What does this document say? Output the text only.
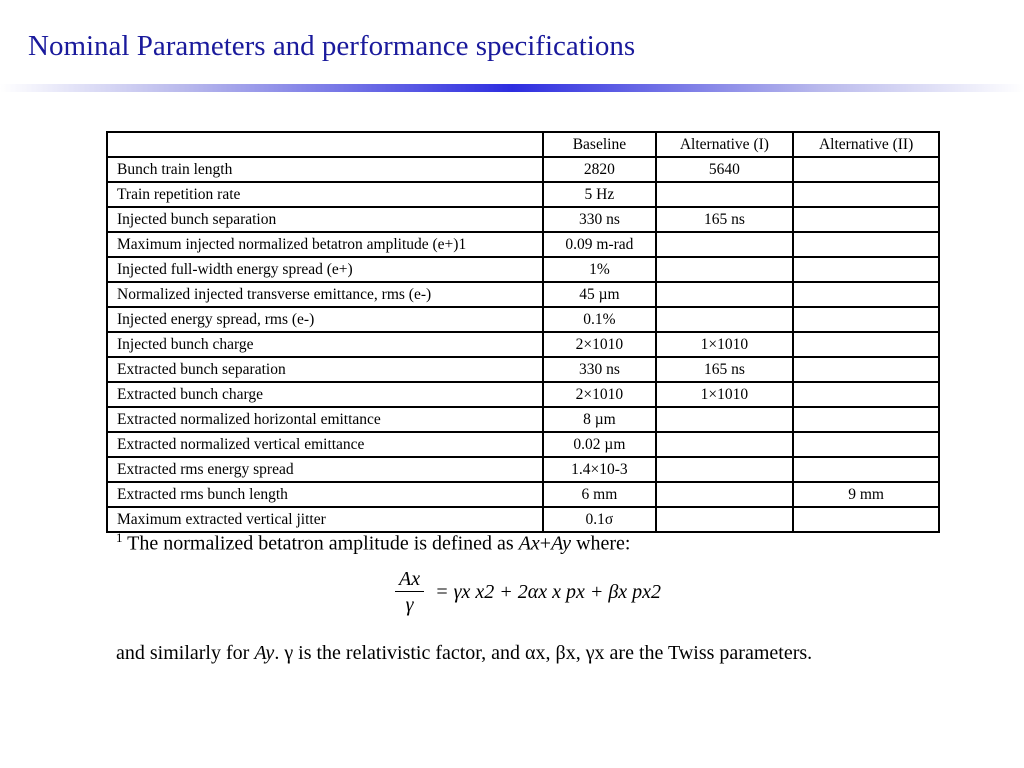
Nominal Parameters and performance specifications
	Baseline	Alternative (I)	Alternative (II)
Bunch train length	2820	5640	
Train repetition rate	5 Hz		
Injected bunch separation	330 ns	165 ns	
Maximum injected normalized betatron amplitude (e+)1	0.09 m-rad		
Injected full-width energy spread (e+)	1%		
Normalized injected transverse emittance, rms (e-)	45 µm		
Injected energy spread, rms (e-)	0.1%		
Injected bunch charge	2×1010	1×1010	
Extracted bunch separation	330 ns	165 ns	
Extracted bunch charge	2×1010	1×1010	
Extracted normalized horizontal emittance	8 µm		
Extracted normalized vertical emittance	0.02 µm		
Extracted rms energy spread	1.4×10-3		
Extracted rms bunch length	6 mm		9 mm
Maximum extracted vertical jitter	0.1σ		

$^1$ The normalized betatron amplitude is defined as Ax+Ay where:

$\frac{Ax}{\gamma} = \gamma x$ x2 + 2αx x px + βx px2

and similarly for Ay. γ is the relativistic factor, and αx, βx, γx are the Twiss parameters.
